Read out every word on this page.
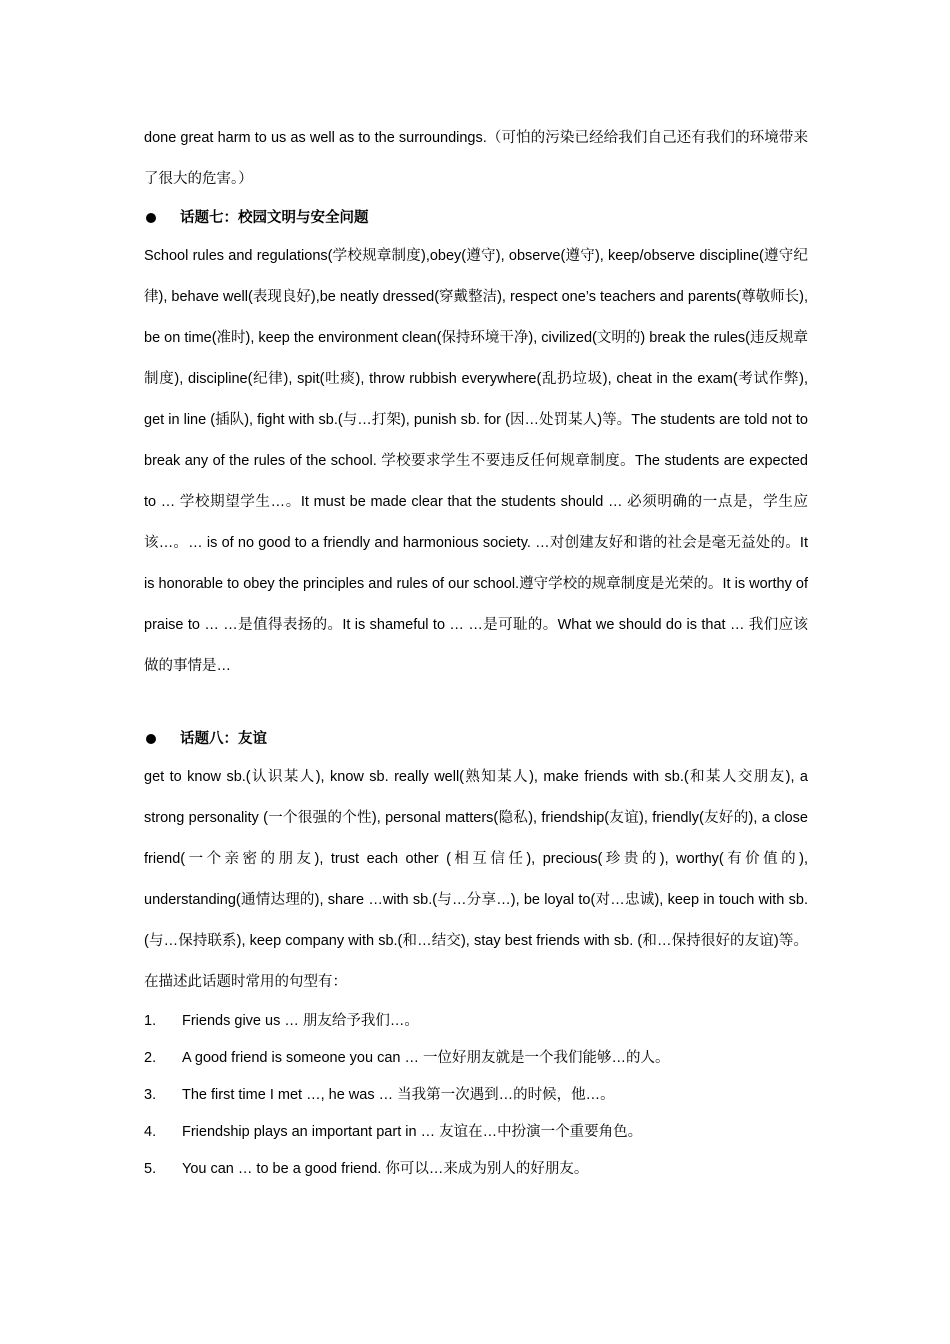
done great harm to us as well as to the surroundings.（可怕的污染已经给我们自己还有我们的环境带来了很大的危害。）

话题七：校园文明与安全问题

School rules and regulations(学校规章制度),obey(遵守), observe(遵守), keep/observe discipline(遵守纪律), behave well(表现良好),be neatly dressed(穿戴整洁), respect one’s teachers and parents(尊敬师长), be on time(准时), keep the environment clean(保持环境干净), civilized(文明的) break the rules(违反规章制度), discipline(纪律), spit(吐痰), throw rubbish everywhere(乱扔垃圾), cheat in the exam(考试作弊), get in line (插队), fight with sb.(与…打架), punish sb. for (因…处罚某人)等。The students are told not to break any of the rules of the school. 学校要求学生不要违反任何规章制度。The students are expected to … 学校期望学生…。It must be made clear that the students should … 必须明确的一点是，学生应该…。… is of no good to a friendly and harmonious society. …对创建友好和谐的社会是毫无益处的。It is honorable to obey the principles and rules of our school.遵守学校的规章制度是光荣的。It is worthy of praise to … …是值得表扬的。It is shameful to … …是可耻的。What we should do is that … 我们应该做的事情是…

话题八：友谊

get to know sb.(认识某人), know sb. really well(熟知某人), make friends with sb.(和某人交朋友), a strong personality (一个很强的个性), personal matters(隐私), friendship(友谊), friendly(友好的), a close friend(一个亲密的朋友), trust each other (相互信任), precious(珍贵的), worthy(有价值的), understanding(通情达理的), share …with sb.(与…分享…), be loyal to(对…忠诚), keep in touch with sb. (与…保持联系), keep company with sb.(和…结交), stay best friends with sb. (和…保持很好的友谊)等。在描述此话题时常用的句型有：

1. Friends give us … 朋友给予我们…。
2. A good friend is someone you can … 一位好朋友就是一个我们能够…的人。
3. The first time I met …, he was … 当我第一次遇到…的时候，他…。
4. Friendship plays an important part in … 友谊在…中扮演一个重要角色。
5. You can … to be a good friend. 你可以…来成为别人的好朋友。
